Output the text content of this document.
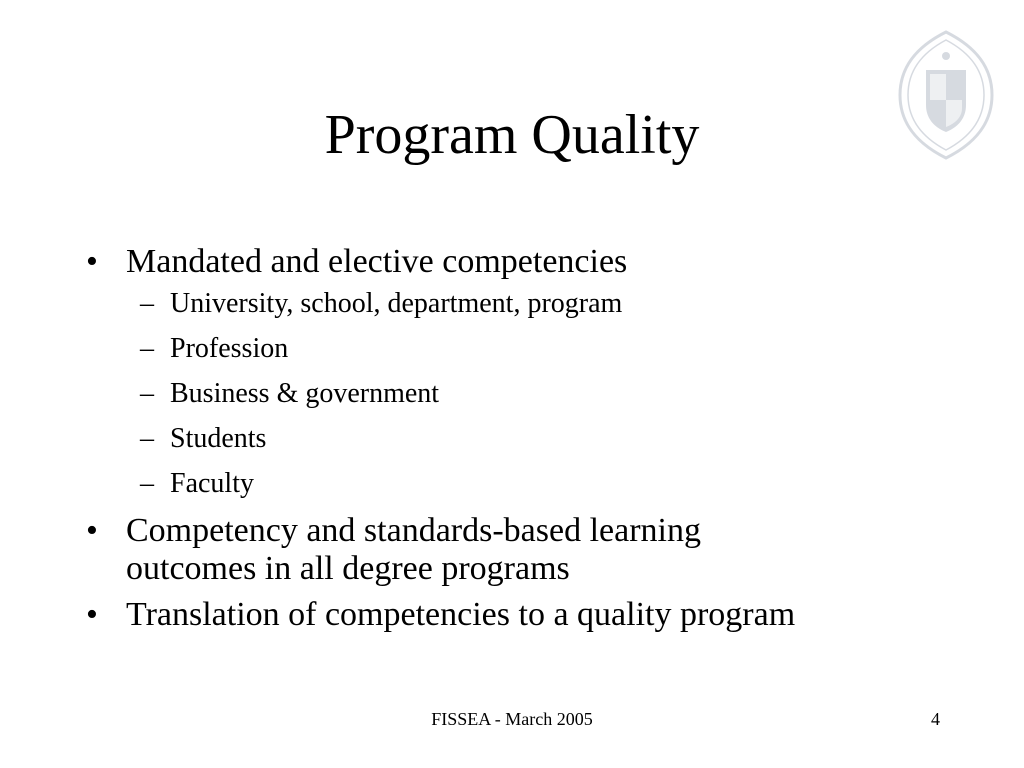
Program Quality
• Mandated and elective competencies
– University, school, department, program
– Profession
– Business & government
– Students
– Faculty
• Competency and standards-based learning outcomes in all degree programs
• Translation of competencies to a quality program
FISSEA - March 2005	4
